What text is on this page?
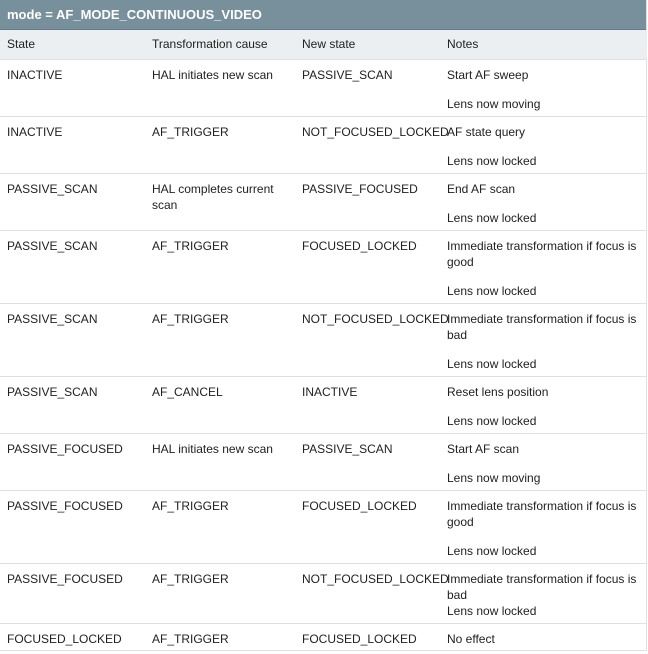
mode = AF_MODE_CONTINUOUS_VIDEO
State	Transformation cause	New state	Notes
INACTIVE	HAL initiates new scan	PASSIVE_SCAN	Start AF sweep
Lens now moving

INACTIVE	AF_TRIGGER	NOT_FOCUSED_LOCKED	AF state query
Lens now locked

PASSIVE_SCAN	HAL completes current scan	PASSIVE_FOCUSED	End AF scan
Lens now locked

PASSIVE_SCAN	AF_TRIGGER	FOCUSED_LOCKED	Immediate transformation if focus is good
Lens now locked

PASSIVE_SCAN	AF_TRIGGER	NOT_FOCUSED_LOCKED	Immediate transformation if focus is bad
Lens now locked

PASSIVE_SCAN	AF_CANCEL	INACTIVE	Reset lens position
Lens now locked

PASSIVE_FOCUSED	HAL initiates new scan	PASSIVE_SCAN	Start AF scan
Lens now moving

PASSIVE_FOCUSED	AF_TRIGGER	FOCUSED_LOCKED	Immediate transformation if focus is good
Lens now locked

PASSIVE_FOCUSED	AF_TRIGGER	NOT_FOCUSED_LOCKED	Immediate transformation if focus is bad
Lens now locked

FOCUSED_LOCKED	AF_TRIGGER	FOCUSED_LOCKED	No effect
